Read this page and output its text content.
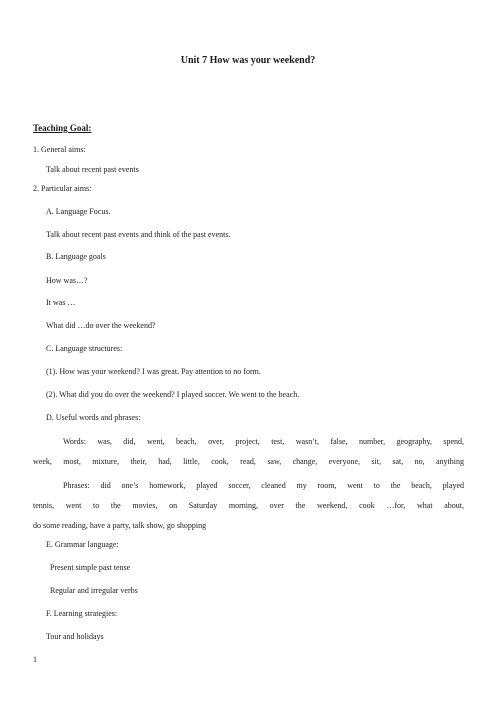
Unit 7 How was your weekend?
Teaching Goal:
1. General aims:
Talk about recent past events
2. Particular aims:
A. Language Focus.
Talk about recent past events and think of the past events.
B. Language goals
How was…?
It was …
What did …do over the weekend?
C. Language structures:
(1). How was your weekend? I was great. Pay attention to no form.
(2). What did you do over the weekend? I played soccer. We went to the beach.
D. Useful words and phrases:
Words: was, did, went, beach, over, project, test, wasn’t, false, number, geography, spend,
week, most, mixture, their, had, little, cook, read, saw, change, everyone, sit, sat, no, anything
Phrases: did one’s homework, played soccer, cleaned my room, went to the beach, played
tennis, went to the movies, on Saturday morning, over the weekend, cook …for, what about,
do some reading, have a party, talk show, go shopping
E. Grammar language:
Present simple past tense
Regular and irregular verbs
F. Learning strategies:
Tour and holidays
1
